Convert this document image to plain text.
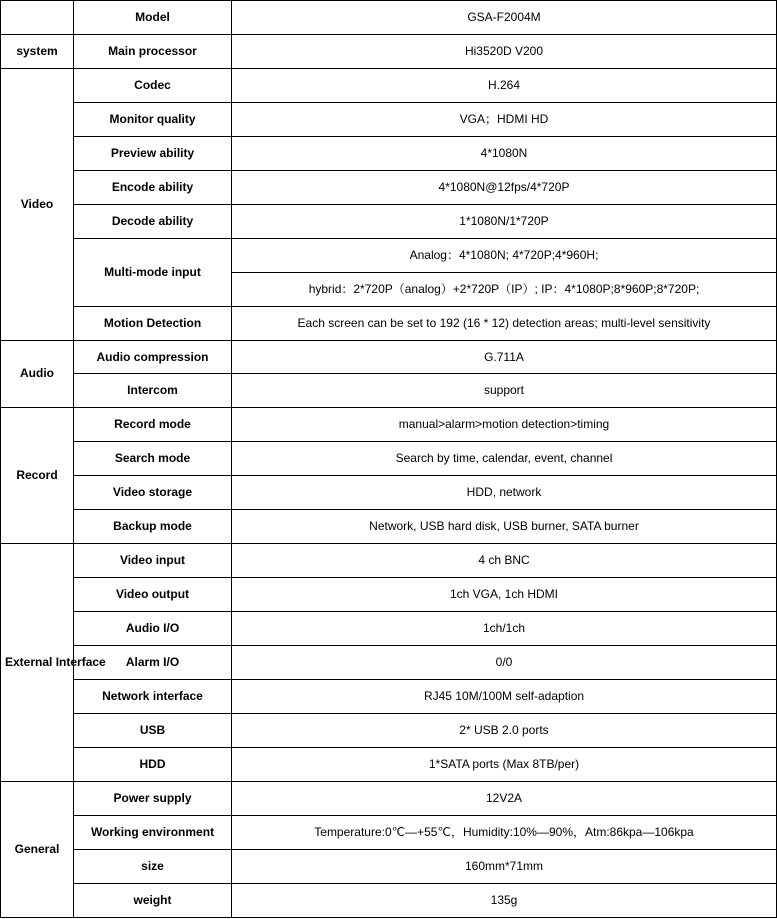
	Model	GSA-F2004M
system	Main processor	Hi3520D V200
Video	Codec	H.264
	Monitor quality	VGA；HDMI HD
	Preview ability	4*1080N
	Encode ability	4*1080N@12fps/4*720P
	Decode ability	1*1080N/1*720P
	Multi-mode input	Analog：4*1080N; 4*720P;4*960H;
		hybrid：2*720P（analog）+2*720P（IP）; IP：4*1080P;8*960P;8*720P;
	Motion Detection	Each screen can be set to 192 (16 * 12) detection areas; multi-level sensitivity
Audio	Audio compression	G.711A
	Intercom	support
Record	Record mode	manual>alarm>motion detection>timing
	Search mode	Search by time, calendar, event, channel
	Video storage	HDD, network
	Backup mode	Network, USB hard disk, USB burner, SATA burner
External Interface	Video input	4 ch BNC
	Video output	1ch VGA, 1ch HDMI
	Audio I/O	1ch/1ch
	Alarm I/O	0/0
	Network interface	RJ45 10M/100M self-adaption
	USB	2* USB 2.0 ports
	HDD	1*SATA ports (Max 8TB/per)
General	Power supply	12V2A
	Working environment	Temperature:0℃—+55℃，Humidity:10%—90%，Atm:86kpa—106kpa
	size	160mm*71mm
	weight	135g
